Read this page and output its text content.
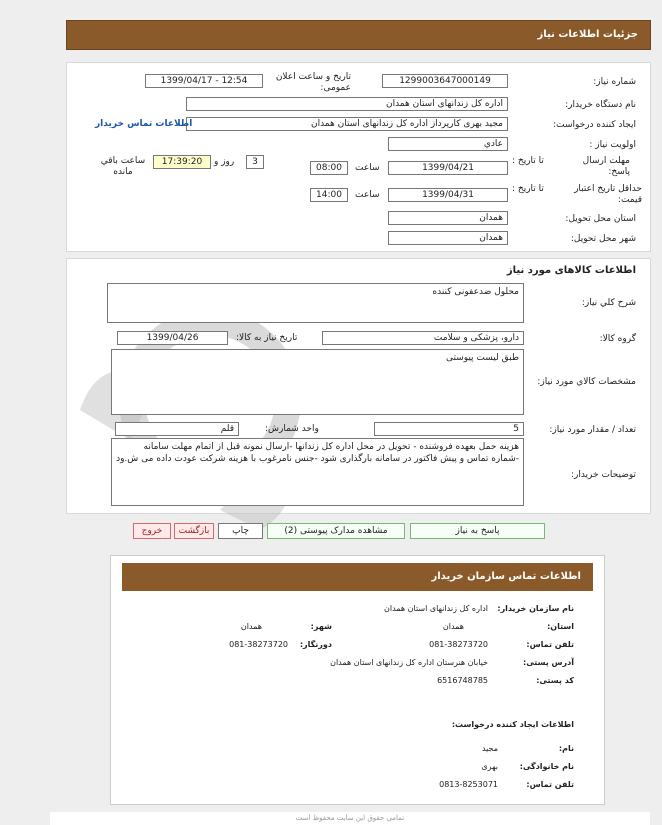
جزئیات اطلاعات نیاز
شماره نیاز:
1299003647000149
تاریخ و ساعت اعلان عمومی:
1399/04/17 - 12:54
نام دستگاه خریدار:
اداره کل زندانهای استان همدان
ایجاد کننده درخواست:
مجید بهری کارپرداز اداره کل زندانهای استان همدان
اطلاعات تماس خریدار
اولویت نیاز :
عادي
مهلت ارسال پاسخ:
تا تاریخ :
1399/04/21
ساعت
08:00
3
روز و
17:39:20
ساعت باقي مانده
حداقل تاریخ اعتبار قیمت:
تا تاریخ :
1399/04/31
ساعت
14:00
استان محل تحویل:
همدان
شهر محل تحویل:
همدان
اطلاعات کالاهای مورد نیاز
شرح کلي نیاز:
محلول ضدعفونی کننده
گروه کالا:
دارو، پزشکی و سلامت
تاریخ نیاز به کالا:
1399/04/26
مشخصات کالاي مورد نیاز:
طبق لیست پیوستی
تعداد / مقدار مورد نیاز:
5
واحد شمارش:
قلم
توضیحات خریدار:
هزینه حمل بعهده فروشنده - تحویل در محل اداره کل زندانها -ارسال نمونه قبل از اتمام مهلت سامانه -شماره تماس و پیش فاکتور در سامانه بارگذاری شود -جنس نامرغوب با هزینه شرکت عودت داده می ش.ود
پاسخ به نیاز
مشاهده مدارک پیوستی (2)
چاپ
بازگشت
خروج
اطلاعات تماس سازمان خریدار
نام سازمان خریدار:
اداره کل زندانهای استان همدان
استان:
همدان
شهر:
همدان
تلفن تماس:
081-38273720
دورنگار:
081-38273720
آدرس پستی:
خیابان هنرستان اداره کل زندانهای استان همدان
کد پستی:
6516748785
اطلاعات ایجاد کننده درخواست:
نام:
مجید
نام خانوادگی:
بهری
تلفن تماس:
0813-8253071
تمامی حقوق این سایت محفوظ است
